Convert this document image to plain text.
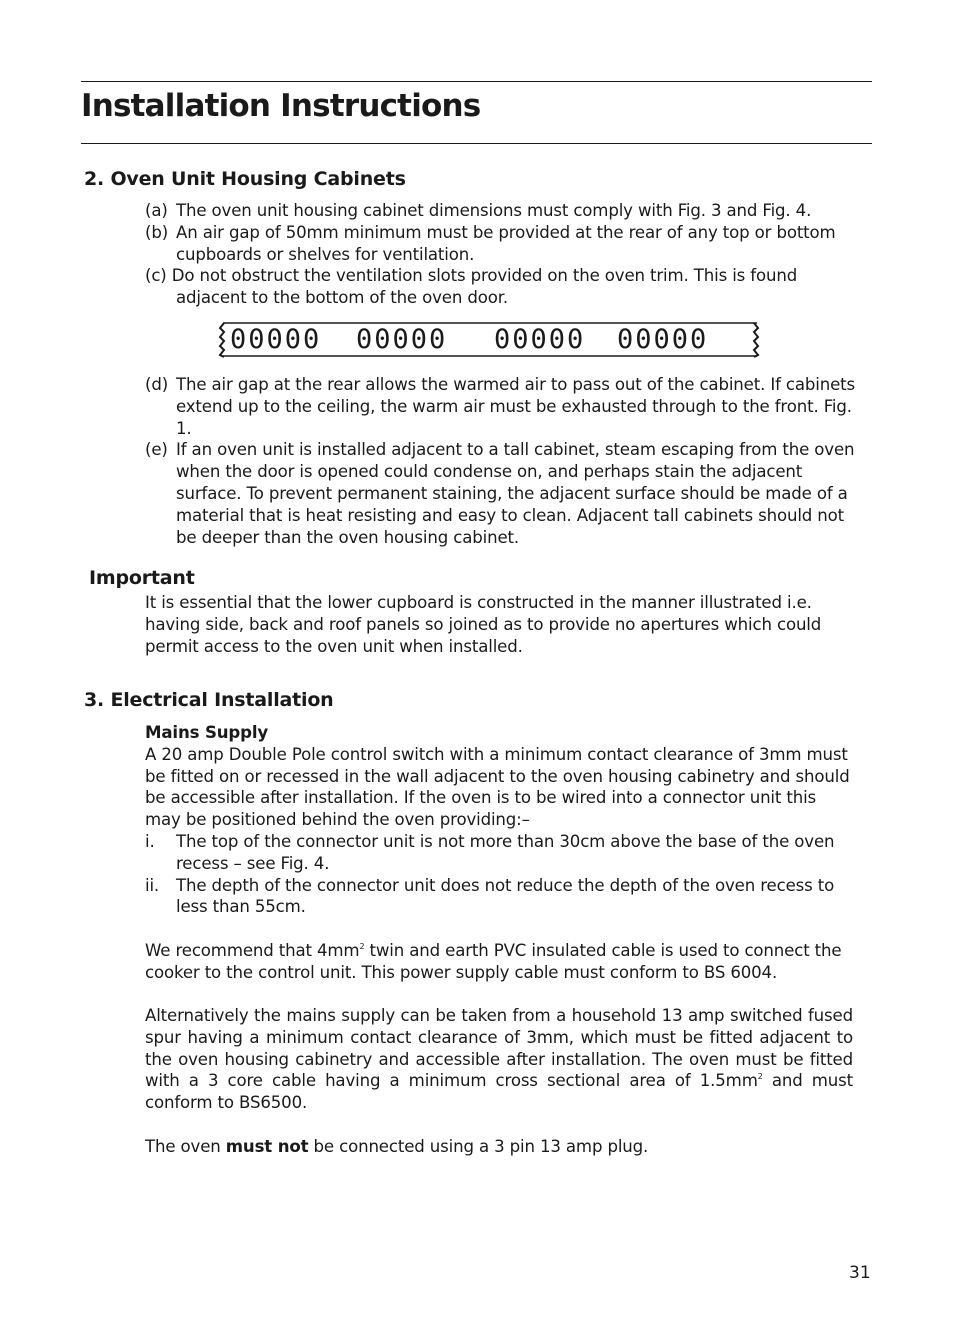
Installation Instructions
2. Oven Unit Housing Cabinets
(a) The oven unit housing cabinet dimensions must comply with Fig. 3 and Fig. 4.
(b) An air gap of 50mm minimum must be provided at the rear of any top or bottom cupboards or shelves for ventilation.
(c) Do not obstruct the ventilation slots provided on the oven trim. This is found adjacent to the bottom of the oven door.
00000 00000 00000 00000
(d) The air gap at the rear allows the warmed air to pass out of the cabinet. If cabinets extend up to the ceiling, the warm air must be exhausted through to the front. Fig. 1.
(e) If an oven unit is installed adjacent to a tall cabinet, steam escaping from the oven when the door is opened could condense on, and perhaps stain the adjacent surface. To prevent permanent staining, the adjacent surface should be made of a material that is heat resisting and easy to clean. Adjacent tall cabinets should not be deeper than the oven housing cabinet.
Important

It is essential that the lower cupboard is constructed in the manner illustrated i.e. having side, back and roof panels so joined as to provide no apertures which could permit access to the oven unit when installed.

3. Electrical Installation
Mains Supply
A 20 amp Double Pole control switch with a minimum contact clearance of 3mm must be fitted on or recessed in the wall adjacent to the oven housing cabinetry and should be accessible after installation. If the oven is to be wired into a connector unit this may be positioned behind the oven providing:–
i.	The top of the connector unit is not more than 30cm above the base of the oven recess – see Fig. 4.
ii.	The depth of the connector unit does not reduce the depth of the oven recess to less than 55cm.

We recommend that $4mm^2$ twin and earth PVC insulated cable is used to connect the cooker to the control unit. This power supply cable must conform to BS 6004.

Alternatively the mains supply can be taken from a household 13 amp switched fused spur having a minimum contact clearance of 3mm, which must be fitted adjacent to the oven housing cabinetry and accessible after installation. The oven must be fitted with a 3 core cable having a minimum cross sectional area of $1.5mm^2$ and must conform to BS6500.

The oven must not be connected using a 3 pin 13 amp plug.

31
